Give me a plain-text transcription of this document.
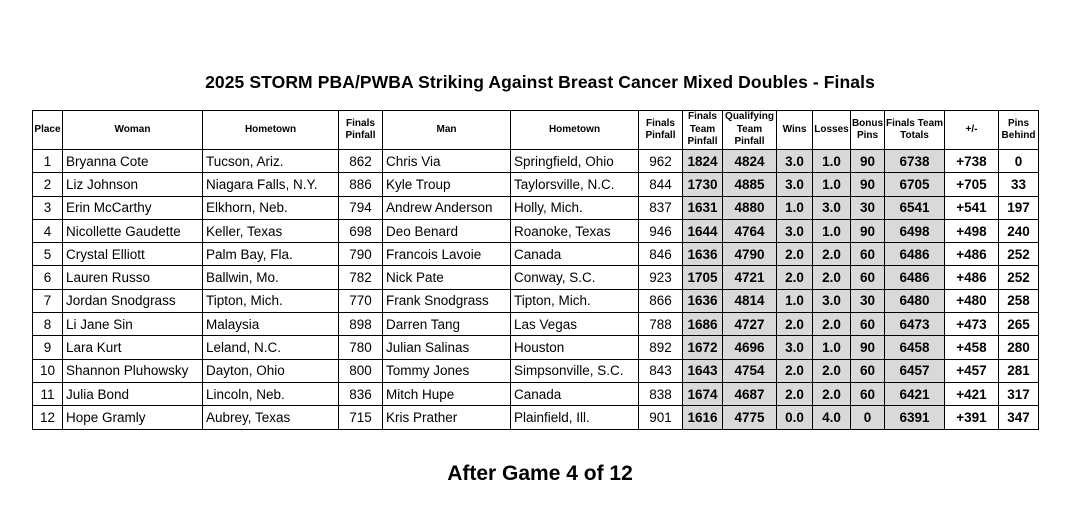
2025 STORM PBA/PWBA Striking Against Breast Cancer Mixed Doubles - Finals
Place	Woman	Hometown	Finals Pinfall	Man	Hometown	Finals Pinfall	Finals Team Pinfall	Qualifying Team Pinfall	Wins	Losses	Bonus Pins	Finals Team Totals	+/-	Pins Behind
1	Bryanna Cote	Tucson, Ariz.	862	Chris Via	Springfield, Ohio	962	1824	4824	3.0	1.0	90	6738	+738	0
2	Liz Johnson	Niagara Falls, N.Y.	886	Kyle Troup	Taylorsville, N.C.	844	1730	4885	3.0	1.0	90	6705	+705	33
3	Erin McCarthy	Elkhorn, Neb.	794	Andrew Anderson	Holly, Mich.	837	1631	4880	1.0	3.0	30	6541	+541	197
4	Nicollette Gaudette	Keller, Texas	698	Deo Benard	Roanoke, Texas	946	1644	4764	3.0	1.0	90	6498	+498	240
5	Crystal Elliott	Palm Bay, Fla.	790	Francois Lavoie	Canada	846	1636	4790	2.0	2.0	60	6486	+486	252
6	Lauren Russo	Ballwin, Mo.	782	Nick Pate	Conway, S.C.	923	1705	4721	2.0	2.0	60	6486	+486	252
7	Jordan Snodgrass	Tipton, Mich.	770	Frank Snodgrass	Tipton, Mich.	866	1636	4814	1.0	3.0	30	6480	+480	258
8	Li Jane Sin	Malaysia	898	Darren Tang	Las Vegas	788	1686	4727	2.0	2.0	60	6473	+473	265
9	Lara Kurt	Leland, N.C.	780	Julian Salinas	Houston	892	1672	4696	3.0	1.0	90	6458	+458	280
10	Shannon Pluhowsky	Dayton, Ohio	800	Tommy Jones	Simpsonville, S.C.	843	1643	4754	2.0	2.0	60	6457	+457	281
11	Julia Bond	Lincoln, Neb.	836	Mitch Hupe	Canada	838	1674	4687	2.0	2.0	60	6421	+421	317
12	Hope Gramly	Aubrey, Texas	715	Kris Prather	Plainfield, Ill.	901	1616	4775	0.0	4.0	0	6391	+391	347
After Game 4 of 12
